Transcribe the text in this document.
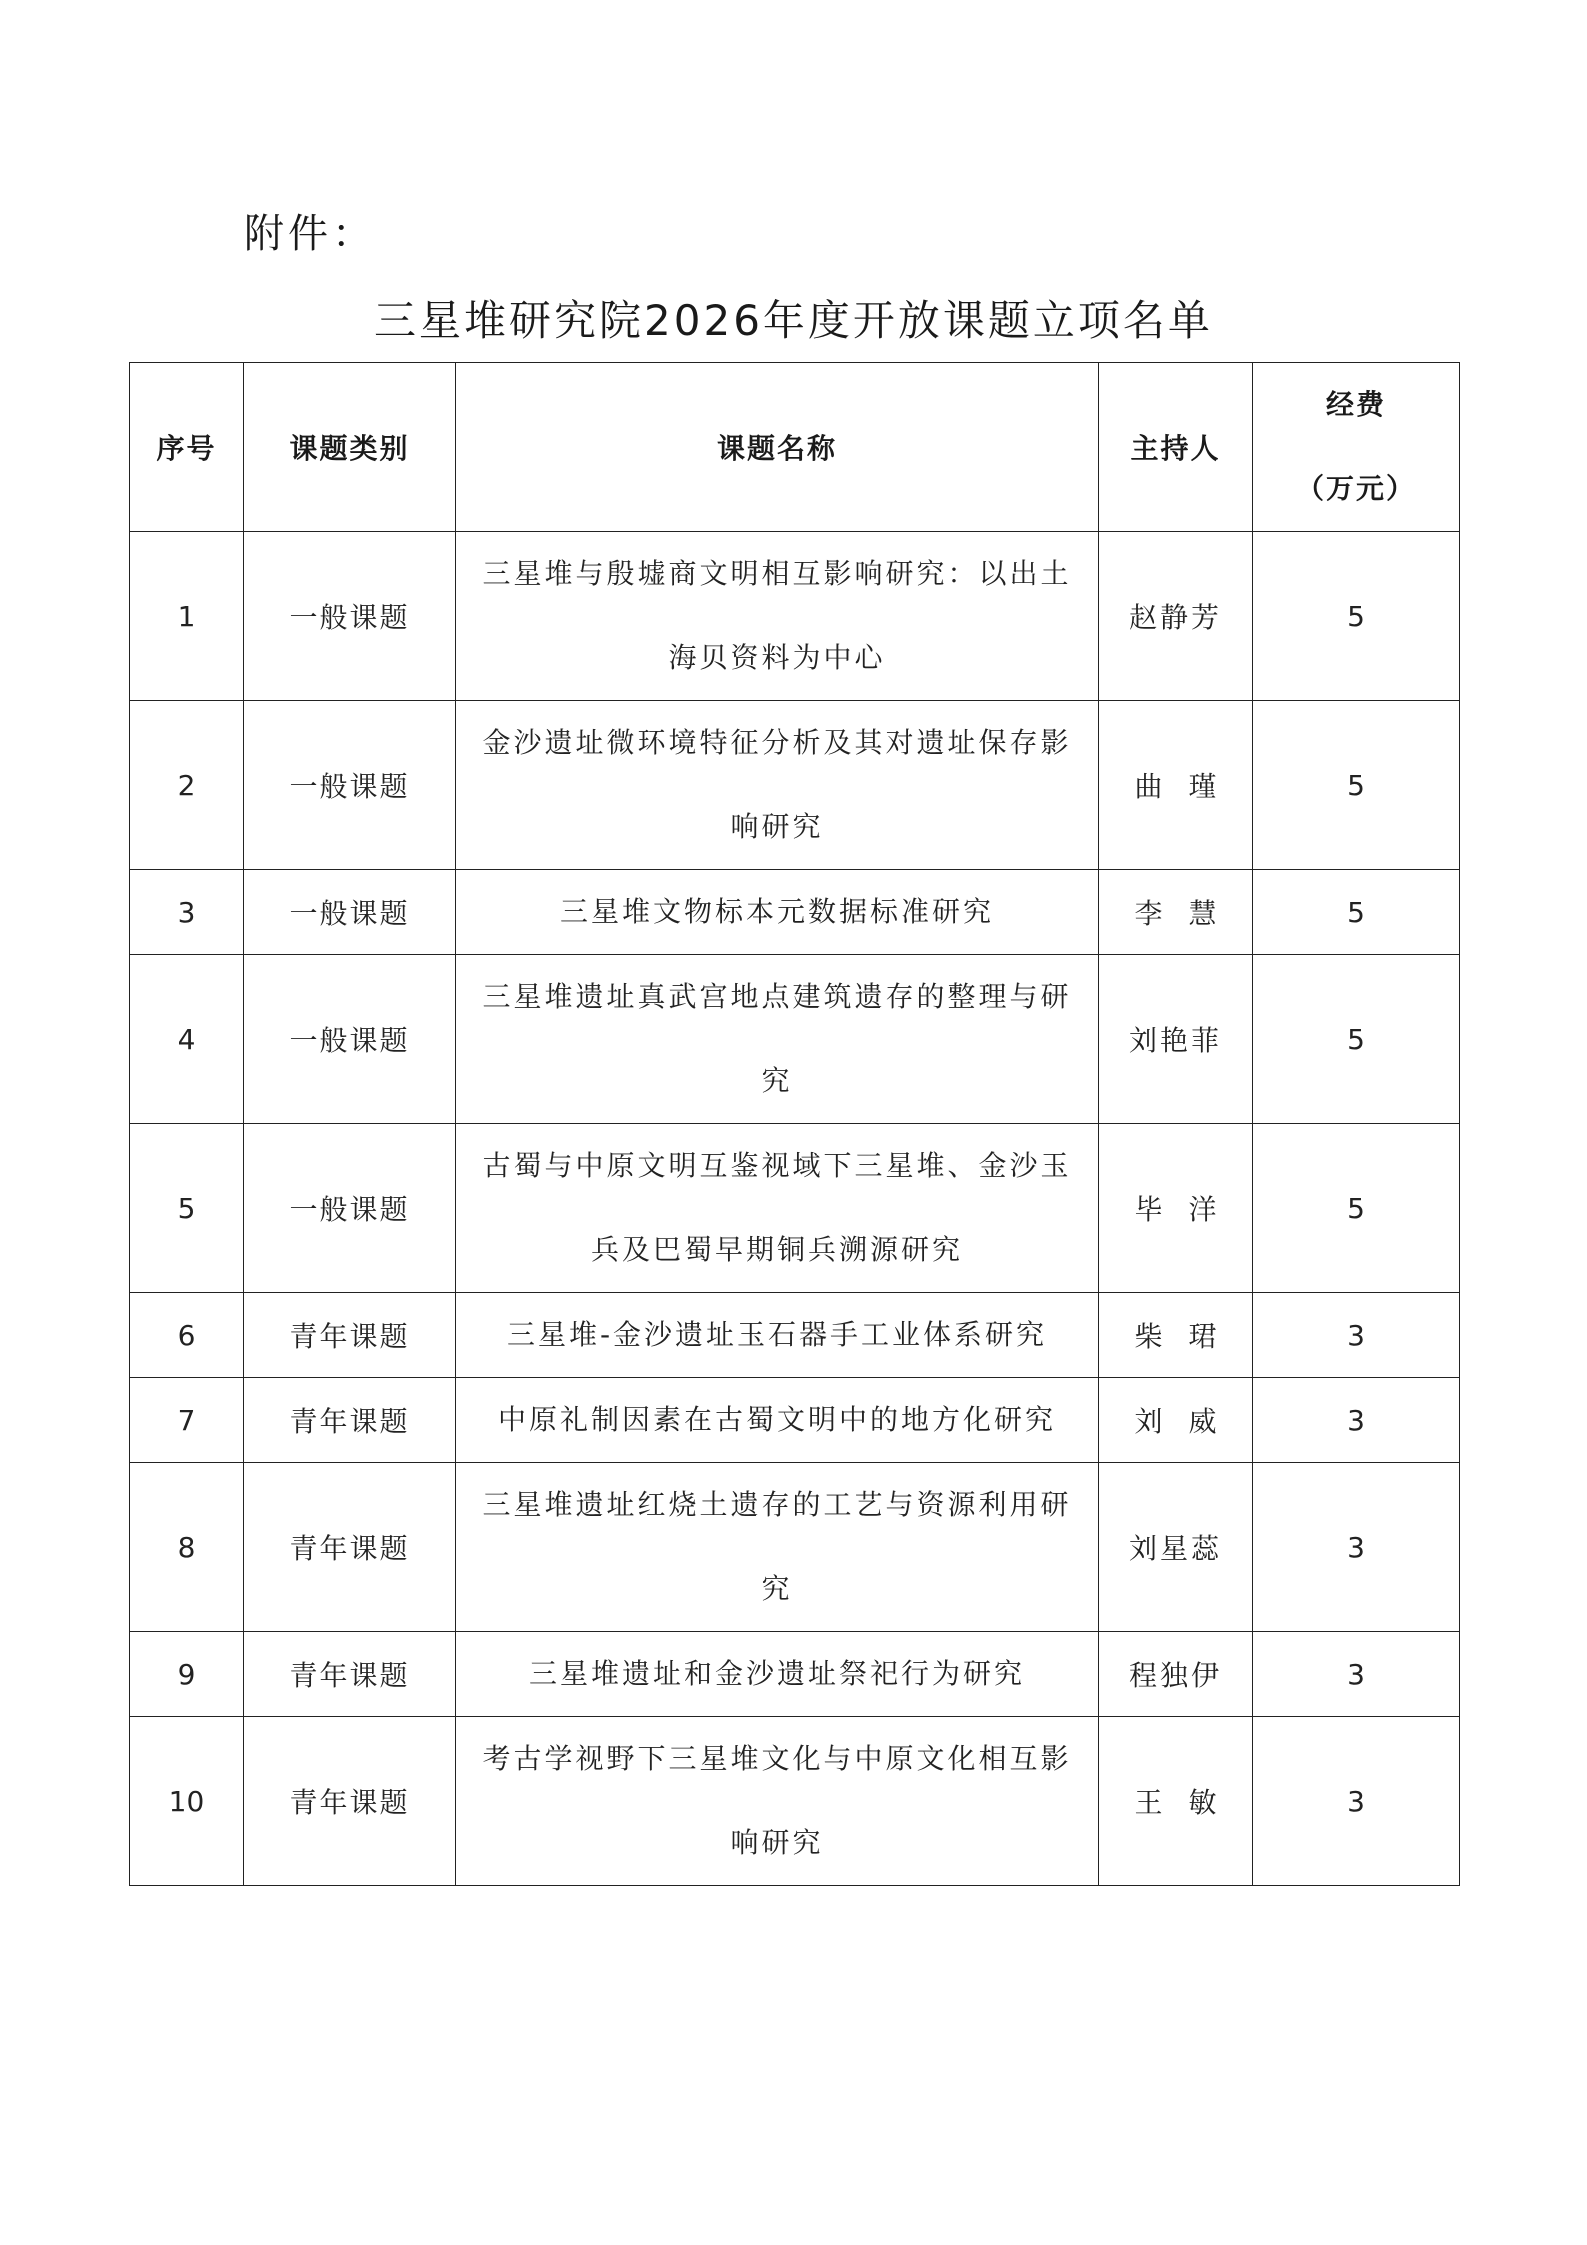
附件：
三星堆研究院2026年度开放课题立项名单
序号	课题类别	课题名称	主持人	经费
（万元）

1	一般课题	三星堆与殷墟商文明相互影响研究：以出土海贝资料为中心	赵静芳	5
2	一般课题	金沙遗址微环境特征分析及其对遗址保存影响研究	曲瑾	5
3	一般课题	三星堆文物标本元数据标准研究	李慧	5
4	一般课题	三星堆遗址真武宫地点建筑遗存的整理与研究	刘艳菲	5
5	一般课题	古蜀与中原文明互鉴视域下三星堆、金沙玉兵及巴蜀早期铜兵溯源研究	毕洋	5
6	青年课题	三星堆-金沙遗址玉石器手工业体系研究	柴珺	3
7	青年课题	中原礼制因素在古蜀文明中的地方化研究	刘威	3
8	青年课题	三星堆遗址红烧土遗存的工艺与资源利用研究	刘星蕊	3
9	青年课题	三星堆遗址和金沙遗址祭祀行为研究	程独伊	3
10	青年课题	考古学视野下三星堆文化与中原文化相互影响研究	王敏	3
